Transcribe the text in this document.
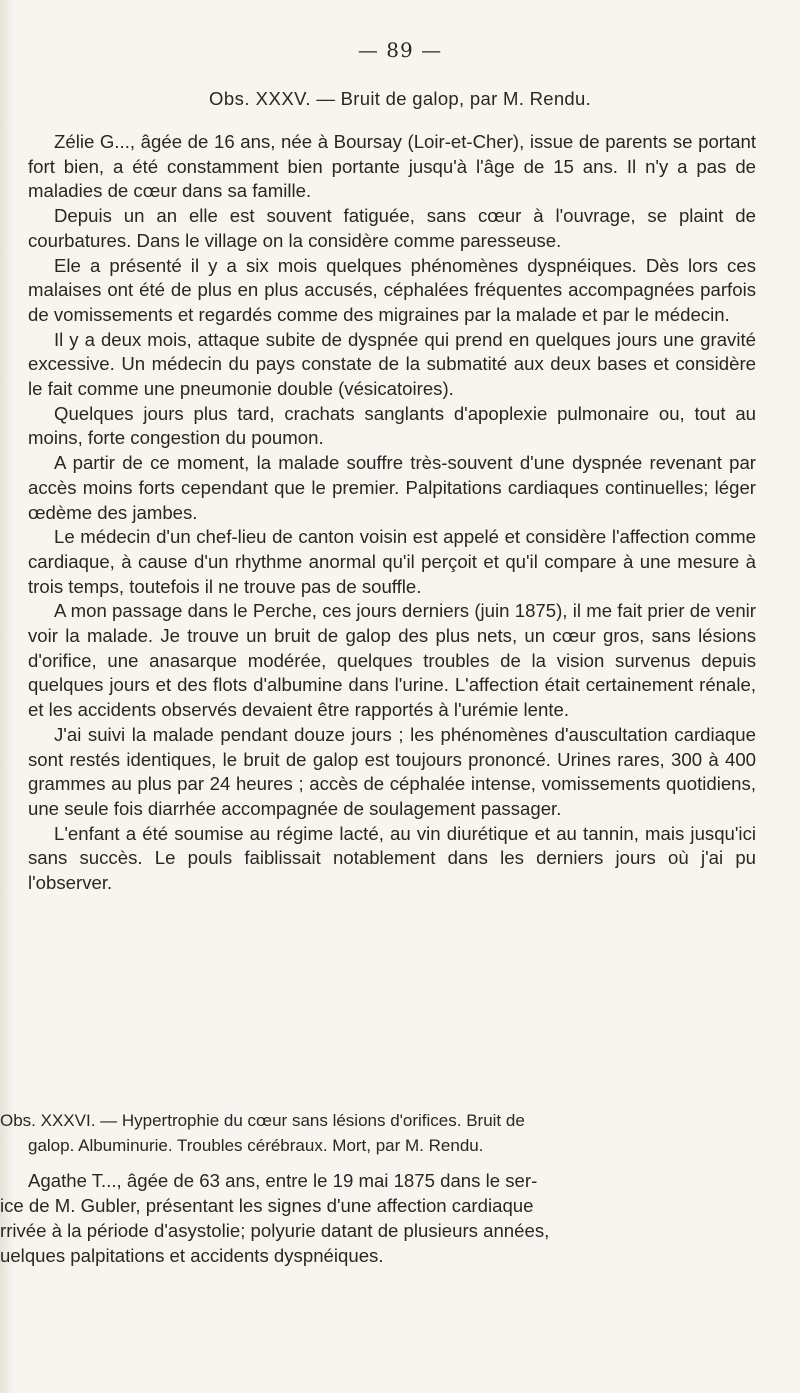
— 89 —
Obs. XXXV. — Bruit de galop, par M. Rendu.

Zélie G..., âgée de 16 ans, née à Boursay (Loir-et-Cher), issue de parents se portant fort bien, a été constamment bien portante jusqu'à l'âge de 15 ans. Il n'y a pas de maladies de cœur dans sa famille.

Depuis un an elle est souvent fatiguée, sans cœur à l'ouvrage, se plaint de courbatures. Dans le village on la considère comme paresseuse.

Ele a présenté il y a six mois quelques phénomènes dyspnéiques. Dès lors ces malaises ont été de plus en plus accusés, céphalées fréquentes accompagnées parfois de vomissements et regardés comme des migraines par la malade et par le médecin.

Il y a deux mois, attaque subite de dyspnée qui prend en quelques jours une gravité excessive. Un médecin du pays constate de la submatité aux deux bases et considère le fait comme une pneumonie double (vésicatoires).

Quelques jours plus tard, crachats sanglants d'apoplexie pulmonaire ou, tout au moins, forte congestion du poumon.

A partir de ce moment, la malade souffre très-souvent d'une dyspnée revenant par accès moins forts cependant que le premier. Palpitations cardiaques continuelles; léger œdème des jambes.

Le médecin d'un chef-lieu de canton voisin est appelé et considère l'affection comme cardiaque, à cause d'un rhythme anormal qu'il perçoit et qu'il compare à une mesure à trois temps, toutefois il ne trouve pas de souffle.

A mon passage dans le Perche, ces jours derniers (juin 1875), il me fait prier de venir voir la malade. Je trouve un bruit de galop des plus nets, un cœur gros, sans lésions d'orifice, une anasarque modérée, quelques troubles de la vision survenus depuis quelques jours et des flots d'albumine dans l'urine. L'affection était certainement rénale, et les accidents observés devaient être rapportés à l'urémie lente.

J'ai suivi la malade pendant douze jours ; les phénomènes d'auscultation cardiaque sont restés identiques, le bruit de galop est toujours prononcé. Urines rares, 300 à 400 grammes au plus par 24 heures ; accès de céphalée intense, vomissements quotidiens, une seule fois diarrhée accompagnée de soulagement passager.

L'enfant a été soumise au régime lacté, au vin diurétique et au tannin, mais jusqu'ici sans succès. Le pouls faiblissait notablement dans les derniers jours où j'ai pu l'observer.

Obs. XXXVI. — Hypertrophie du cœur sans lésions d'orifices. Bruit de
galop. Albuminurie. Troubles cérébraux. Mort, par M. Rendu.
Agathe T..., âgée de 63 ans, entre le 19 mai 1875 dans le ser-
ice de M. Gubler, présentant les signes d'une affection cardiaque
rrivée à la période d'asystolie; polyurie datant de plusieurs années,
uelques palpitations et accidents dyspnéiques.
